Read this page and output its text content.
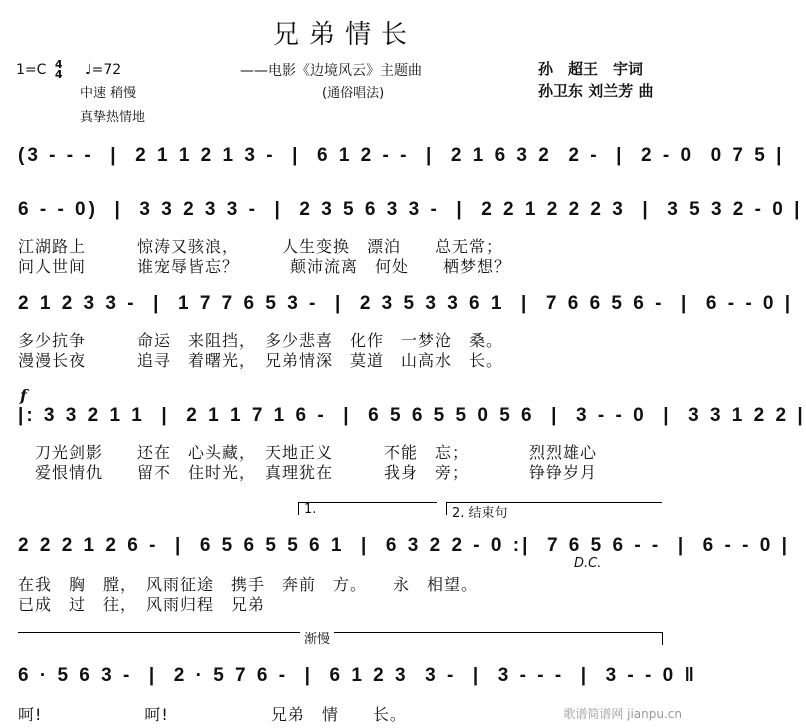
兄弟情长
1=C 4
4 ♩=72	——电影《边境风云》主题曲	孙　超王　宇词
中速 稍慢	(通俗唱法)	孙卫东 刘兰芳 曲
真挚热情地
(3 - - -  |  2 1 1 2 1 3 -  |  6 1 2 - -  |  2 1 6 3 2  2 -  |  2 - 0  0 7 5 |
6 - - 0)  |  3 3 2 3 3 -  |  2 3 5 6 3 3 -  |  2 2 1 2 2 2 3  |  3 5 3 2 - 0 |
江湖路上　　　惊涛又骇浪，　　　人生变换　漂泊　　总无常；
问人世间　　　谁宠辱皆忘？　　　颠沛流离　何处　　栖梦想？
2 1 2 3 3 -  |  1 7 7 6 5 3 -  |  2 3 5 3 3 6 1  |  7 6 6 5 6 -  |  6 - - 0 |
多少抗争　　　命运　来阻挡，　多少悲喜　化作　一梦沧　桑。
漫漫长夜　　　追寻　着曙光，　兄弟情深　莫道　山高水　长。
f
|: 3 3 2 1 1  |  2 1 1 7 1 6 -  |  6 5 6 5 5 0 5 6  |  3 - - 0  |  3 3 1 2 2 |
　刀光剑影　　还在　心头藏，　天地正义　　　不能　忘；　　　　烈烈雄心
　爱恨情仇　　留不　住时光，　真理犹在　　　我身　旁；　　　　铮铮岁月
1.	2. 结束句
2 2 2 1 2 6 -  |  6 5 6 5 5 6 1  |  6 3 2 2 - 0 :|  7 6 5 6 - -  |  6 - - 0 |
D.C.
在我　胸　膛，　风雨征途　携手　奔前　方。　　永　相望。
已成　过　往，　风雨归程　兄弟
渐慢
6 · 5 6 3 -  |  2 · 5 7 6 -  |  6 1 2 3  3 -  |  3 - - -  |  3 - - 0 ‖
呵!　　　　　　呵!　　　　　　兄弟　情　　长。	歌谱简谱网 jianpu.cn
